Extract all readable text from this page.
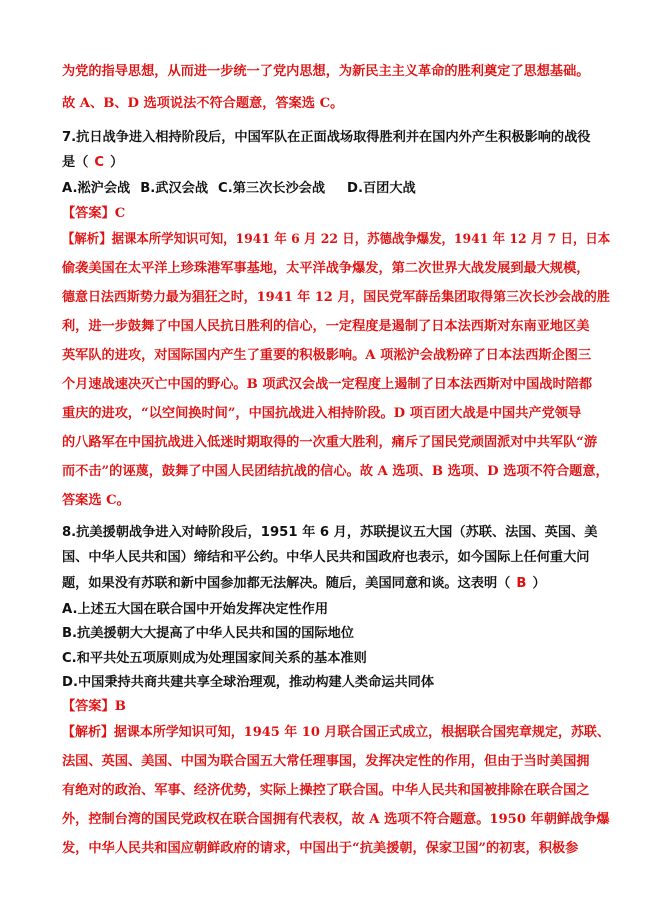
为党的指导思想，从而进一步统一了党内思想，为新民主主义革命的胜利奠定了思想基础。
故 A、B、D 选项说法不符合题意，答案选 C。
7.抗日战争进入相持阶段后，中国军队在正面战场取得胜利并在国内外产生积极影响的战役
是（ C ）
A.淞沪会战 B.武汉会战 C.第三次长沙会战 D.百团大战
【答案】C
【解析】据课本所学知识可知，1941 年 6 月 22 日，苏德战争爆发，1941 年 12 月 7 日，日本
偷袭美国在太平洋上珍珠港军事基地，太平洋战争爆发，第二次世界大战发展到最大规模，
德意日法西斯势力最为猖狂之时，1941 年 12 月，国民党军薛岳集团取得第三次长沙会战的胜
利，进一步鼓舞了中国人民抗日胜利的信心，一定程度是遏制了日本法西斯对东南亚地区美
英军队的进攻，对国际国内产生了重要的积极影响。A 项淞沪会战粉碎了日本法西斯企图三
个月速战速决灭亡中国的野心。B 项武汉会战一定程度上遏制了日本法西斯对中国战时陪都
重庆的进攻，“以空间换时间”，中国抗战进入相持阶段。D 项百团大战是中国共产党领导
的八路军在中国抗战进入低迷时期取得的一次重大胜利，痛斥了国民党顽固派对中共军队“游
而不击”的诬蔑，鼓舞了中国人民团结抗战的信心。故 A 选项、B 选项、D 选项不符合题意，
答案选 C。
8.抗美援朝战争进入对峙阶段后，1951 年 6 月，苏联提议五大国（苏联、法国、英国、美
国、中华人民共和国）缔结和平公约。中华人民共和国政府也表示，如今国际上任何重大问
题，如果没有苏联和新中国参加都无法解决。随后，美国同意和谈。这表明（ B ）
A.上述五大国在联合国中开始发挥决定性作用
B.抗美援朝大大提高了中华人民共和国的国际地位
C.和平共处五项原则成为处理国家间关系的基本准则
D.中国秉持共商共建共享全球治理观，推动构建人类命运共同体
【答案】B
【解析】据课本所学知识可知，1945 年 10 月联合国正式成立，根据联合国宪章规定，苏联、
法国、英国、美国、中国为联合国五大常任理事国，发挥决定性的作用，但由于当时美国拥
有绝对的政治、军事、经济优势，实际上操控了联合国。中华人民共和国被排除在联合国之
外，控制台湾的国民党政权在联合国拥有代表权，故 A 选项不符合题意。1950 年朝鲜战争爆
发，中华人民共和国应朝鲜政府的请求，中国出于“抗美援朝，保家卫国”的初衷，积极参
